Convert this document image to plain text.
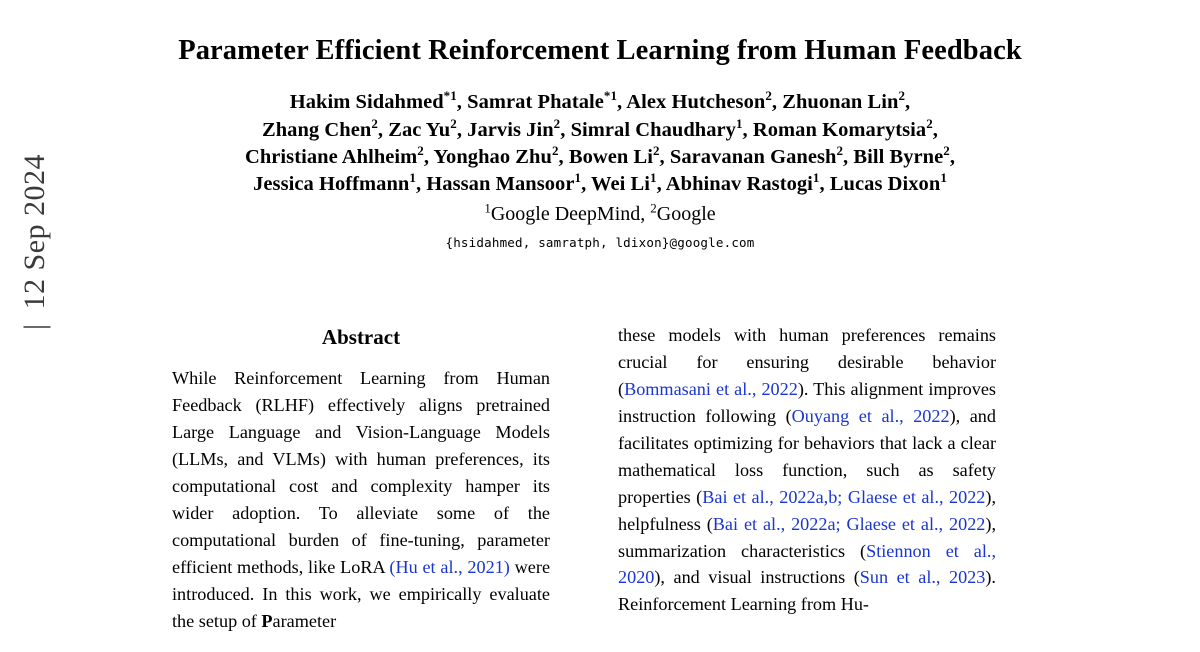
|12 Sep 2024
Parameter Efficient Reinforcement Learning from Human Feedback
Hakim Sidahmed$^{*1}$, Samrat Phatale$^{*1}$, Alex Hutcheson$^2$, Zhuonan Lin$^2$,
Zhang Chen$^2$, Zac Yu$^2$, Jarvis Jin$^2$, Simral Chaudhary$^1$, Roman Komarytsia$^2$,
Christiane Ahlheim$^2$, Yonghao Zhu$^2$, Bowen Li$^2$, Saravanan Ganesh$^2$, Bill Byrne$^2$,
Jessica Hoffmann$^1$, Hassan Mansoor$^1$, Wei Li$^1$, Abhinav Rastogi$^1$, Lucas Dixon$^1$
$^1$Google DeepMind, $^2$Google
{hsidahmed, samratph, ldixon}@google.com
Abstract

While Reinforcement Learning from Human Feedback (RLHF) effectively aligns pretrained Large Language and Vision-Language Models (LLMs, and VLMs) with human preferences, its computational cost and complexity hamper its wider adoption. To alleviate some of the computational burden of fine-tuning, parameter efficient methods, like LoRA (Hu et al., 2021) were introduced. In this work, we empirically evaluate the setup of Parameter

these models with human preferences remains crucial for ensuring desirable behavior (Bommasani et al., 2022). This alignment improves instruction following (Ouyang et al., 2022), and facilitates optimizing for behaviors that lack a clear mathematical loss function, such as safety properties (Bai et al., 2022a,b; Glaese et al., 2022), helpfulness (Bai et al., 2022a; Glaese et al., 2022), summarization characteristics (Stiennon et al., 2020), and visual instructions (Sun et al., 2023). Reinforcement Learning from Hu-
